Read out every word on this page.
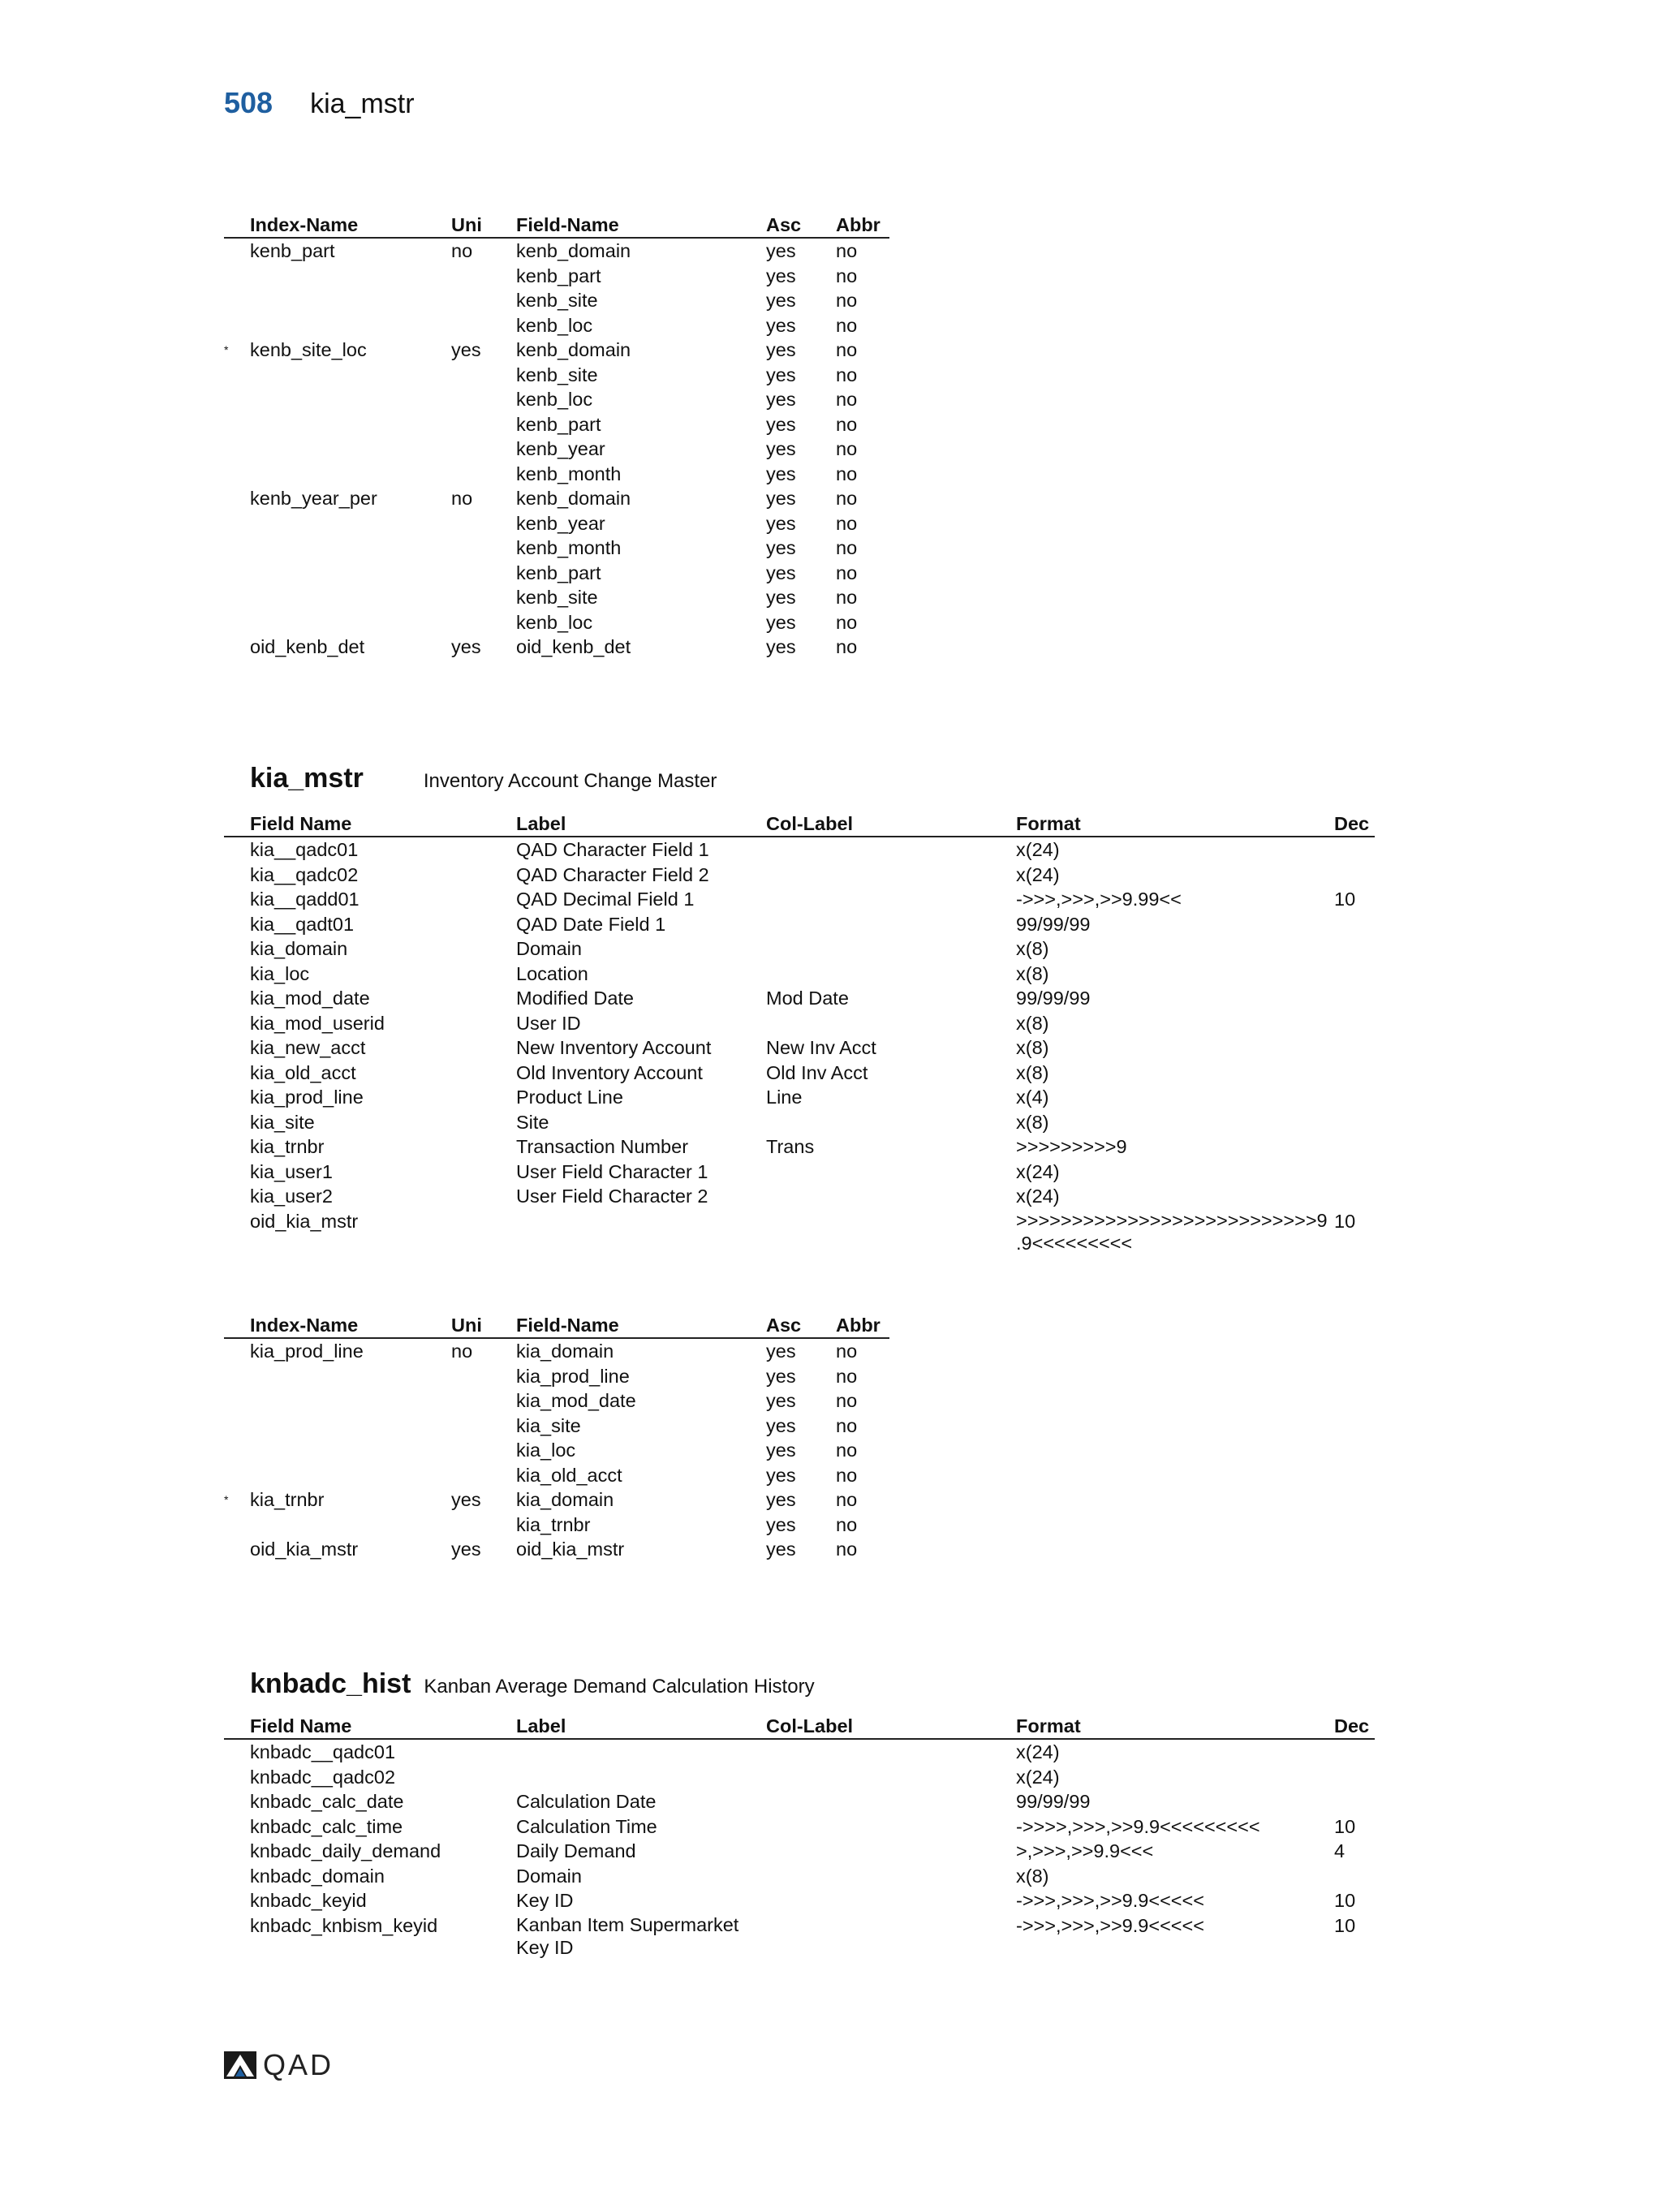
508 kia_mstr
	Index-Name	Uni	Field-Name	Asc	Abbr
	kenb_part	no	kenb_domain	yes	no
			kenb_part	yes	no
			kenb_site	yes	no
			kenb_loc	yes	no
*	kenb_site_loc	yes	kenb_domain	yes	no
			kenb_site	yes	no
			kenb_loc	yes	no
			kenb_part	yes	no
			kenb_year	yes	no
			kenb_month	yes	no
	kenb_year_per	no	kenb_domain	yes	no
			kenb_year	yes	no
			kenb_month	yes	no
			kenb_part	yes	no
			kenb_site	yes	no
			kenb_loc	yes	no
	oid_kenb_det	yes	oid_kenb_det	yes	no
kia_mstr	Inventory Account Change Master
	Field Name	Label	Col-Label	Format	Dec
	kia__qadc01	QAD Character Field 1		x(24)	
	kia__qadc02	QAD Character Field 2		x(24)	
	kia__qadd01	QAD Decimal Field 1		->>>,>>>,>>9.99<<	10
	kia__qadt01	QAD Date Field 1		99/99/99	
	kia_domain	Domain		x(8)	
	kia_loc	Location		x(8)	
	kia_mod_date	Modified Date	Mod Date	99/99/99	
	kia_mod_userid	User ID		x(8)	
	kia_new_acct	New Inventory Account	New Inv Acct	x(8)	
	kia_old_acct	Old Inventory Account	Old Inv Acct	x(8)	
	kia_prod_line	Product Line	Line	x(4)	
	kia_site	Site		x(8)	
	kia_trnbr	Transaction Number	Trans	>>>>>>>>>9	
	kia_user1	User Field Character 1		x(24)	
	kia_user2	User Field Character 2		x(24)	
	oid_kia_mstr			>>>>>>>>>>>>>>>>>>>>>>>>>>>9 .9<<<<<<<<<	10
	Index-Name	Uni	Field-Name	Asc	Abbr
	kia_prod_line	no	kia_domain	yes	no
			kia_prod_line	yes	no
			kia_mod_date	yes	no
			kia_site	yes	no
			kia_loc	yes	no
			kia_old_acct	yes	no
*	kia_trnbr	yes	kia_domain	yes	no
			kia_trnbr	yes	no
	oid_kia_mstr	yes	oid_kia_mstr	yes	no
knbadc_hist Kanban Average Demand Calculation History
	Field Name	Label	Col-Label	Format	Dec
	knbadc__qadc01			x(24)	
	knbadc__qadc02			x(24)	
	knbadc_calc_date	Calculation Date		99/99/99	
	knbadc_calc_time	Calculation Time		->>>>,>>>,>>9.9<<<<<<<<<	10
	knbadc_daily_demand	Daily Demand		>,>>>,>>9.9<<<	4
	knbadc_domain	Domain		x(8)	
	knbadc_keyid	Key ID		->>>,>>>,>>9.9<<<<<	10
	knbadc_knbism_keyid	Kanban Item Supermarket Key ID		->>>,>>>,>>9.9<<<<<	10
QAD
